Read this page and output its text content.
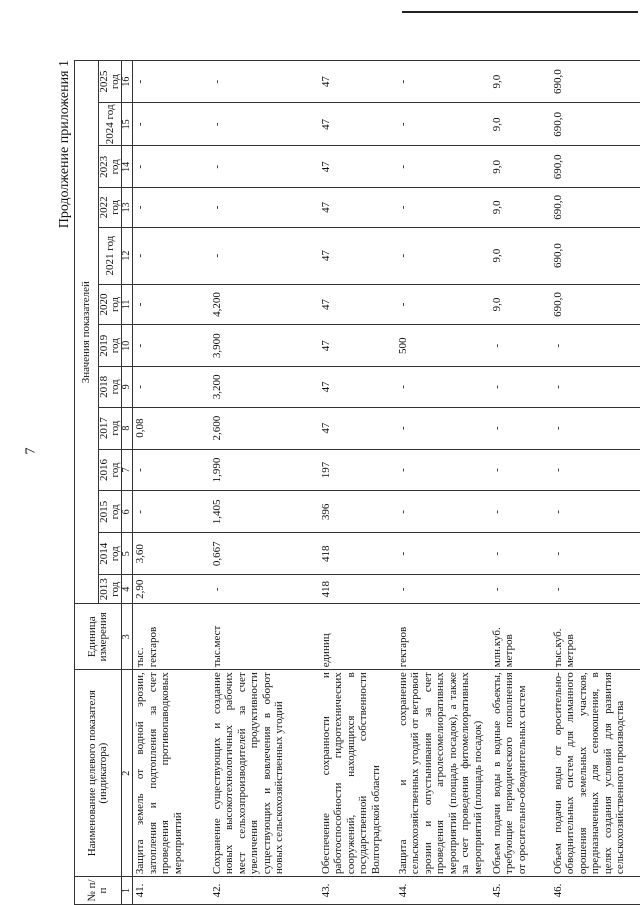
7
Продолжение приложения 1
№ п/п	Наименование целевого показателя (индикатора)	Единица измерения	Значения показателей												
			2013 год	2014 год	2015 год	2016 год	2017 год	2018 год	2019 год	2020 год	2021 год	2022 год	2023 год	2024 год	2025 год
1	2	3	4	5	6	7	8	9	10	11	12	13	14	15	16
41.	Защита земель от водной эрозии, затопления и подтопления за счет проведения противопаводковых мероприятий	тыс. гектаров	2,90	3,60	-	-	0,08	-	-	-	-	-	-	-	-
42.	Сохранение существующих и создание новых высокотехнологичных рабочих мест сельхозпроизводителей за счет увеличения продуктивности существующих и вовлечения в оборот новых сельскохозяйственных угодий	тыс.мест	-	0,667	1,405	1,990	2,600	3,200	3,900	4,200	-	-	-	-	-
43.	Обеспечение сохранности и работоспособности гидротехнических сооружений, находящихся в государственной собственности Волгоградской области	единиц	418	418	396	197	47	47	47	47	47	47	47	47	47
44.	Защита и сохранение сельскохозяйственных угодий от ветровой эрозии и опустынивания за счет проведения агролесомелиоративных мероприятий (площадь посадок), а также за счет проведения фитомелиоративных мероприятий (площадь посадок)	гектаров	-	-	-	-	-	-	500	-	-	-	-	-	-
45.	Объем подачи воды в водные объекты, требующие периодического пополнения от оросительно-обводнительных систем	млн.куб. метров	-	-	-	-	-	-	-	9,0	9,0	9,0	9,0	9,0	9,0
46.	Объем подачи воды от оросительно-обводнительных систем для лиманного орошения земельных участков, предназначенных для сенокошения, в целях создания условий для развития сельскохозяйственного производства	тыс.куб. метров	-	-	-	-	-	-	-	690,0	690,0	690,0	690,0	690,0	690,0
